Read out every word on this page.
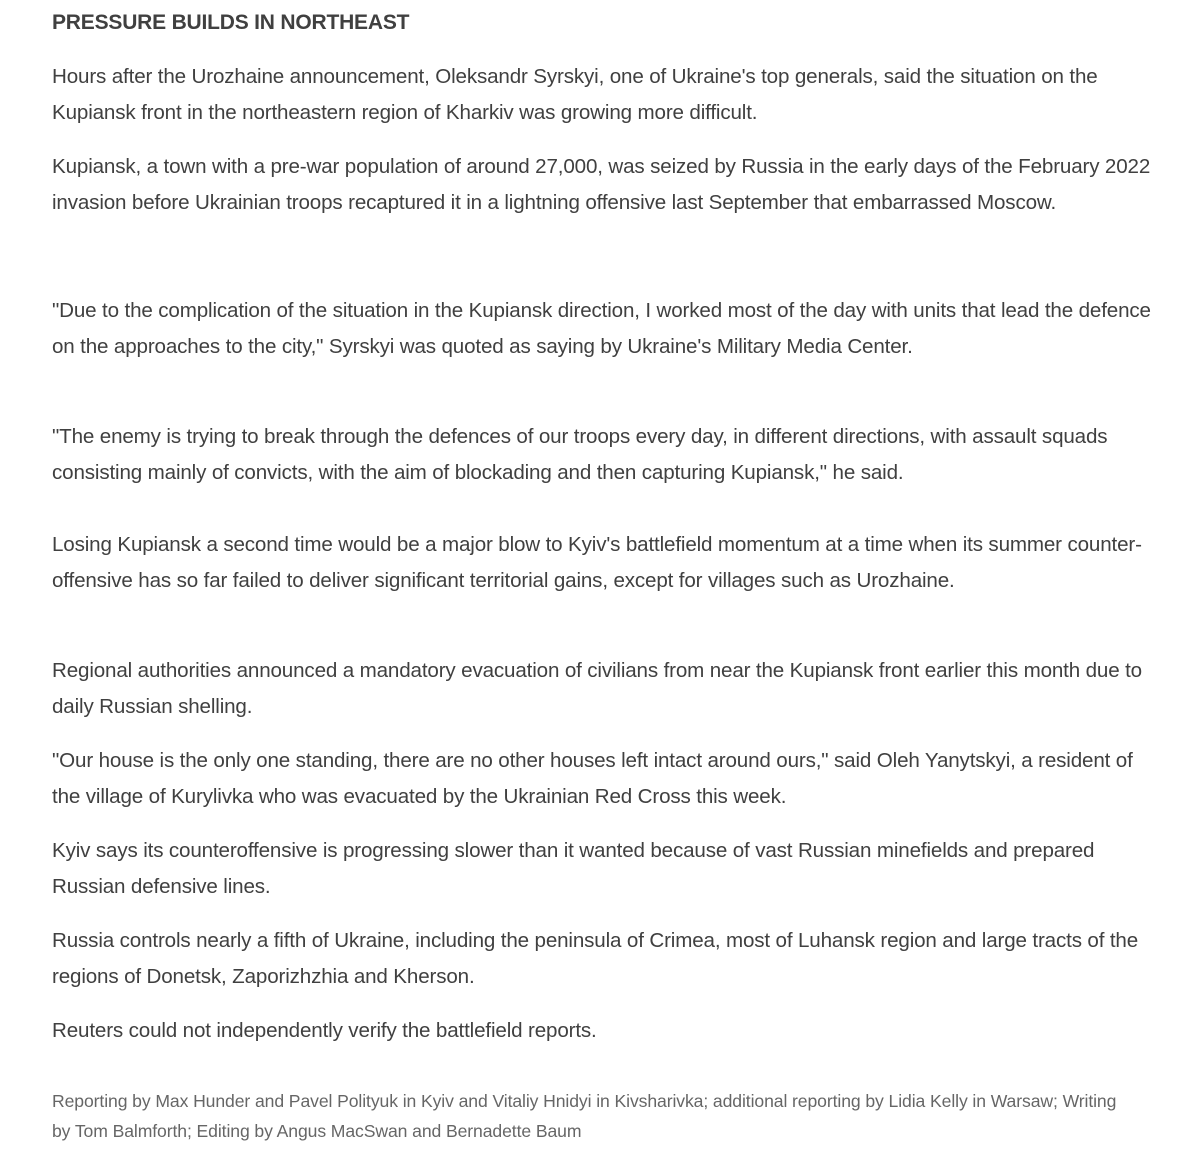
PRESSURE BUILDS IN NORTHEAST

Hours after the Urozhaine announcement, Oleksandr Syrskyi, one of Ukraine's top generals, said the situation on the Kupiansk front in the northeastern region of Kharkiv was growing more difficult.

Kupiansk, a town with a pre-war population of around 27,000, was seized by Russia in the early days of the February 2022 invasion before Ukrainian troops recaptured it in a lightning offensive last September that embarrassed Moscow.

"Due to the complication of the situation in the Kupiansk direction, I worked most of the day with units that lead the defence on the approaches to the city," Syrskyi was quoted as saying by Ukraine's Military Media Center.

"The enemy is trying to break through the defences of our troops every day, in different directions, with assault squads consisting mainly of convicts, with the aim of blockading and then capturing Kupiansk," he said.

Losing Kupiansk a second time would be a major blow to Kyiv's battlefield momentum at a time when its summer counter-offensive has so far failed to deliver significant territorial gains, except for villages such as Urozhaine.

Regional authorities announced a mandatory evacuation of civilians from near the Kupiansk front earlier this month due to daily Russian shelling.

"Our house is the only one standing, there are no other houses left intact around ours," said Oleh Yanytskyi, a resident of the village of Kurylivka who was evacuated by the Ukrainian Red Cross this week.

Kyiv says its counteroffensive is progressing slower than it wanted because of vast Russian minefields and prepared Russian defensive lines.

Russia controls nearly a fifth of Ukraine, including the peninsula of Crimea, most of Luhansk region and large tracts of the regions of Donetsk, Zaporizhzhia and Kherson.

Reuters could not independently verify the battlefield reports.

Reporting by Max Hunder and Pavel Polityuk in Kyiv and Vitaliy Hnidyi in Kivsharivka; additional reporting by Lidia Kelly in Warsaw; Writing by Tom Balmforth; Editing by Angus MacSwan and Bernadette Baum
